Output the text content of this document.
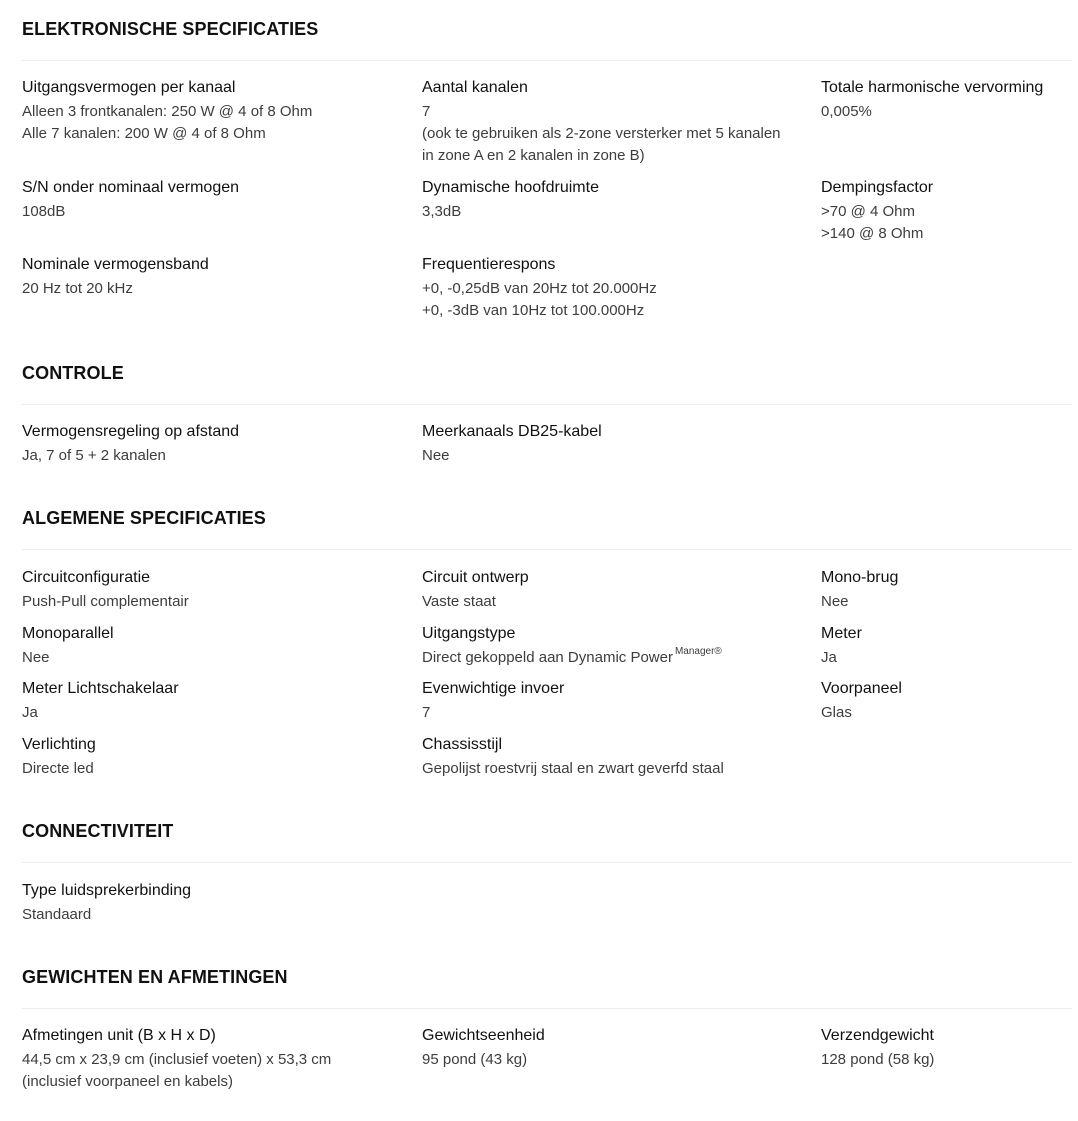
ELEKTRONISCHE SPECIFICATIES
Uitgangsvermogen per kanaal
Alleen 3 frontkanalen: 250 W @ 4 of 8 Ohm
Alle 7 kanalen: 200 W @ 4 of 8 Ohm
Aantal kanalen
7
(ook te gebruiken als 2-zone versterker met 5 kanalen
in zone A en 2 kanalen in zone B)
Totale harmonische vervorming
0,005%
S/N onder nominaal vermogen
108dB
Dynamische hoofdruimte
3,3dB
Dempingsfactor
>70 @ 4 Ohm
>140 @ 8 Ohm
Nominale vermogensband
20 Hz tot 20 kHz
Frequentierespons
+0, -0,25dB van 20Hz tot 20.000Hz
+0, -3dB van 10Hz tot 100.000Hz
CONTROLE
Vermogensregeling op afstand
Ja, 7 of 5 + 2 kanalen
Meerkanaals DB25-kabel
Nee
ALGEMENE SPECIFICATIES
Circuitconfiguratie
Push-Pull complementair
Circuit ontwerp
Vaste staat
Mono-brug
Nee
Monoparallel
Nee
Uitgangstype
Direct gekoppeld aan Dynamic Power $^{Manager®}$
Meter
Ja
Meter Lichtschakelaar
Ja
Evenwichtige invoer
7
Voorpaneel
Glas
Verlichting
Directe led
Chassisstijl
Gepolijst roestvrij staal en zwart geverfd staal
CONNECTIVITEIT
Type luidsprekerbinding
Standaard
GEWICHTEN EN AFMETINGEN
Afmetingen unit (B x H x D)
44,5 cm x 23,9 cm (inclusief voeten) x 53,3 cm
(inclusief voorpaneel en kabels)
Gewichtseenheid
95 pond (43 kg)
Verzendgewicht
128 pond (58 kg)
